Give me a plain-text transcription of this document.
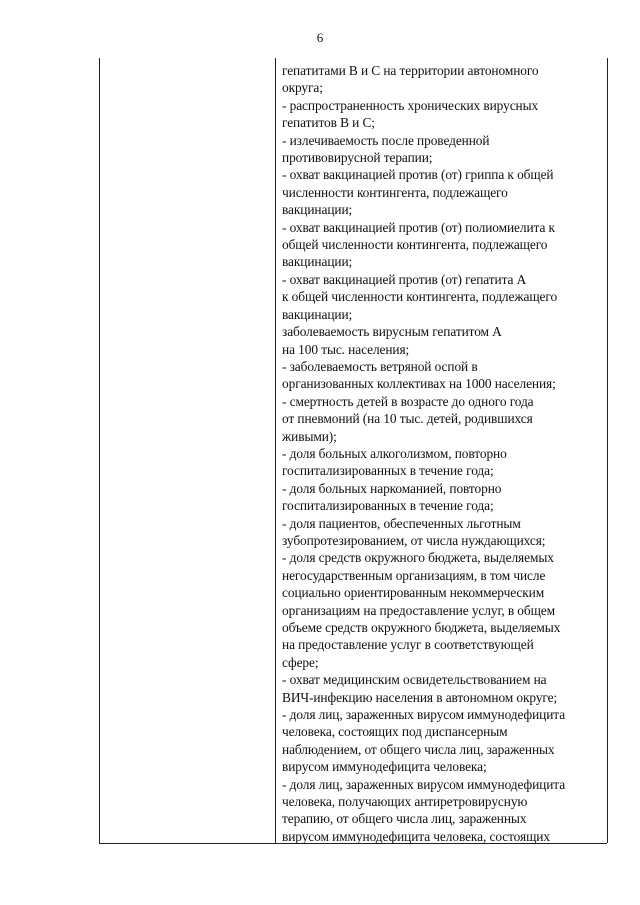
6
гепатитами В и С на территории автономного
округа;
- распространенность хронических вирусных
гепатитов В и С;
- излечиваемость после проведенной
противовирусной терапии;
- охват вакцинацией против (от) гриппа к общей
численности контингента, подлежащего
вакцинации;
- охват вакцинацией против (от) полиомиелита к
общей численности контингента, подлежащего
вакцинации;
- охват вакцинацией против (от) гепатита А
к общей численности контингента, подлежащего
вакцинации;
заболеваемость вирусным гепатитом А
на 100 тыс. населения;
- заболеваемость ветряной оспой в
организованных коллективах на 1000 населения;
- смертность детей в возрасте до одного года
от пневмоний (на 10 тыс. детей, родившихся
живыми);
- доля больных алкоголизмом, повторно
госпитализированных в течение года;
- доля больных наркоманией, повторно
госпитализированных в течение года;
- доля пациентов, обеспеченных льготным
зубопротезированием, от числа нуждающихся;
- доля средств окружного бюджета, выделяемых
негосударственным организациям, в том числе
социально ориентированным некоммерческим
организациям на предоставление услуг, в общем
объеме средств окружного бюджета, выделяемых
на предоставление услуг в соответствующей
сфере;
- охват медицинским освидетельствованием на
ВИЧ-инфекцию населения в автономном округе;
- доля лиц, зараженных вирусом иммунодефицита
человека, состоящих под диспансерным
наблюдением, от общего числа лиц, зараженных
вирусом иммунодефицита человека;
- доля лиц, зараженных вирусом иммунодефицита
человека, получающих антиретровирусную
терапию, от общего числа лиц, зараженных
вирусом иммунодефицита человека, состоящих
